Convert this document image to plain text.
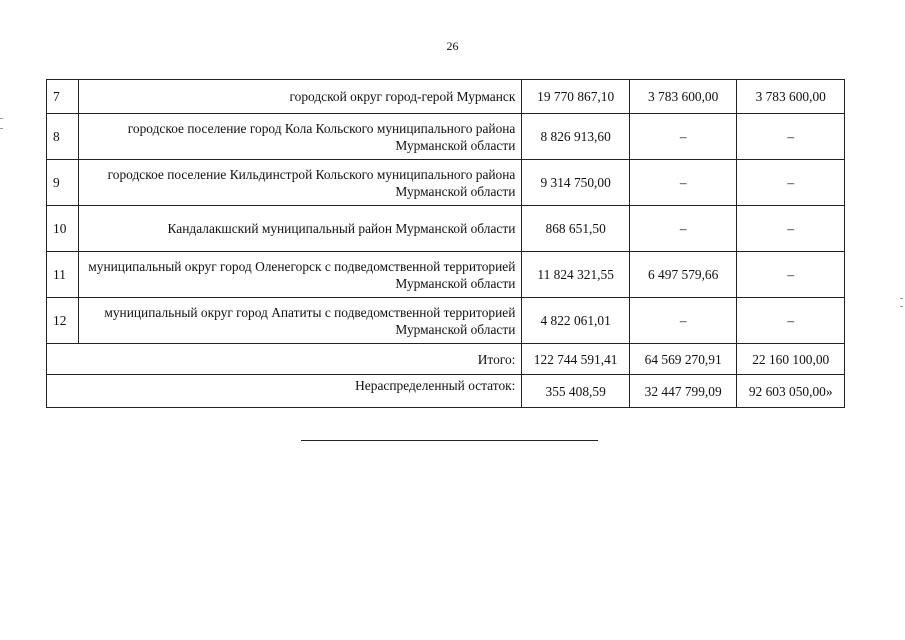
26
7	городской округ город-герой Мурманск	19 770 867,10	3 783 600,00	3 783 600,00
8	городское поселение город Кола Кольского муниципального района Мурманской области	8 826 913,60	–	–
9	городское поселение Кильдинстрой Кольского муниципального района Мурманской области	9 314 750,00	–	–
10	Кандалакшский муниципальный район Мурманской области	868 651,50	–	–
11	муниципальный округ город Оленегорск с подведомственной территорией Мурманской области	11 824 321,55	6 497 579,66	–
12	муниципальный округ город Апатиты с подведомственной территорией Мурманской области	4 822 061,01	–	–
Итого:		122 744 591,41	64 569 270,91	22 160 100,00
Нераспределенный остаток:		355 408,59	32 447 799,09	92 603 050,00»
